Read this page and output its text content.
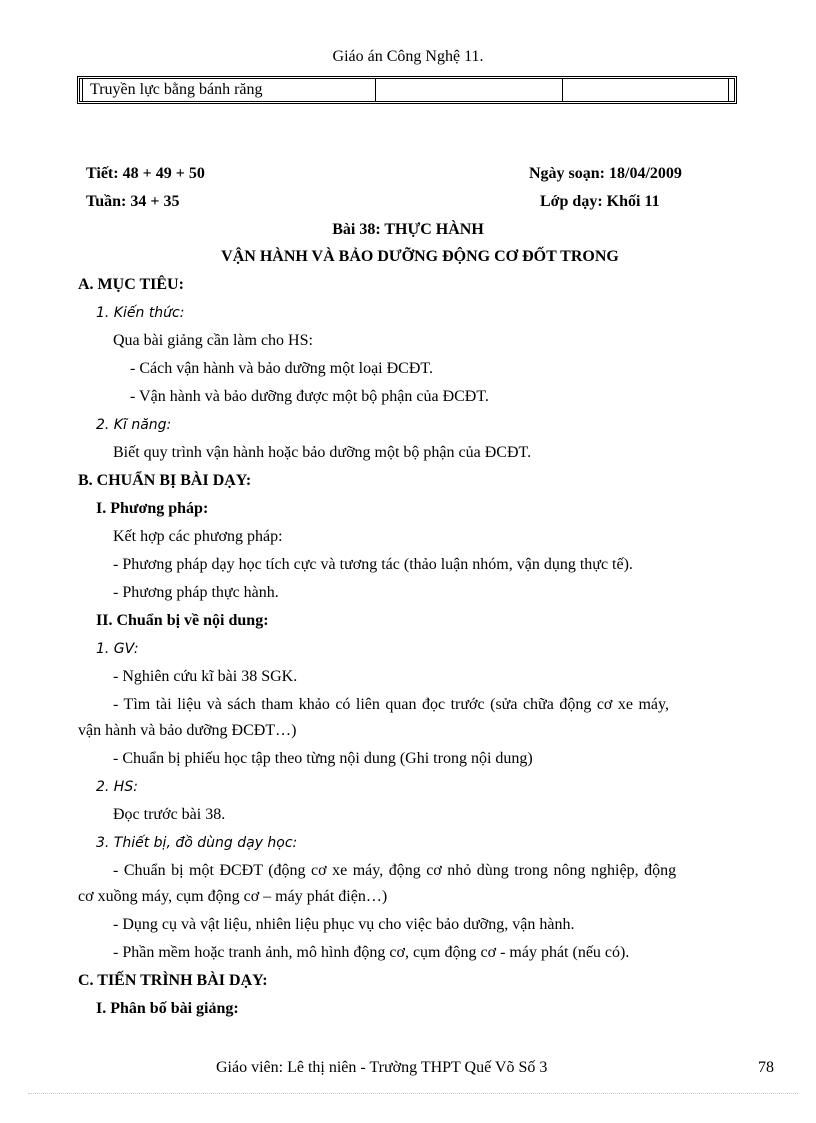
Giáo án Công Nghệ 11.
Truyền lực bằng bánh răng
Tiết: 48 + 49 + 50	Ngày soạn: 18/04/2009
Tuần: 34 + 35	Lớp dạy: Khối 11
Bài 38: THỰC HÀNH
VẬN HÀNH VÀ BẢO DƯỠNG ĐỘNG CƠ ĐỐT TRONG
A. MỤC TIÊU:
1. Kiến thức:
Qua bài giảng cần làm cho HS:
- Cách vận hành và bảo dưỡng một loại ĐCĐT.
- Vận hành và bảo dưỡng được một bộ phận của ĐCĐT.
2. Kĩ năng:
Biết quy trình vận hành hoặc bảo dưỡng một bộ phận của ĐCĐT.
B. CHUẨN BỊ BÀI DẠY:
I. Phương pháp:
Kết hợp các phương pháp:
- Phương pháp dạy học tích cực và tương tác (thảo luận nhóm, vận dụng thực tế).
- Phương pháp thực hành.
II. Chuẩn bị về nội dung:
1. GV:
- Nghiên cứu kĩ bài 38 SGK.
- Tìm tài liệu và sách tham khảo có liên quan đọc trước (sửa chữa động cơ xe máy,
vận hành và bảo dưỡng ĐCĐT…)
- Chuẩn bị phiếu học tập theo từng nội dung (Ghi trong nội dung)
2. HS:
Đọc trước bài 38.
3. Thiết bị, đồ dùng dạy học:
- Chuẩn bị một ĐCĐT (động cơ xe máy, động cơ nhỏ dùng trong nông nghiệp, động
cơ xuồng máy, cụm động cơ – máy phát điện…)
- Dụng cụ và vật liệu, nhiên liệu phục vụ cho việc bảo dưỡng, vận hành.
- Phần mềm hoặc tranh ảnh, mô hình động cơ, cụm động cơ - máy phát (nếu có).
C. TIẾN TRÌNH BÀI DẠY:
I. Phân bố bài giảng:
Giáo viên: Lê thị niên - Trường THPT Quế Võ Số 3	78
